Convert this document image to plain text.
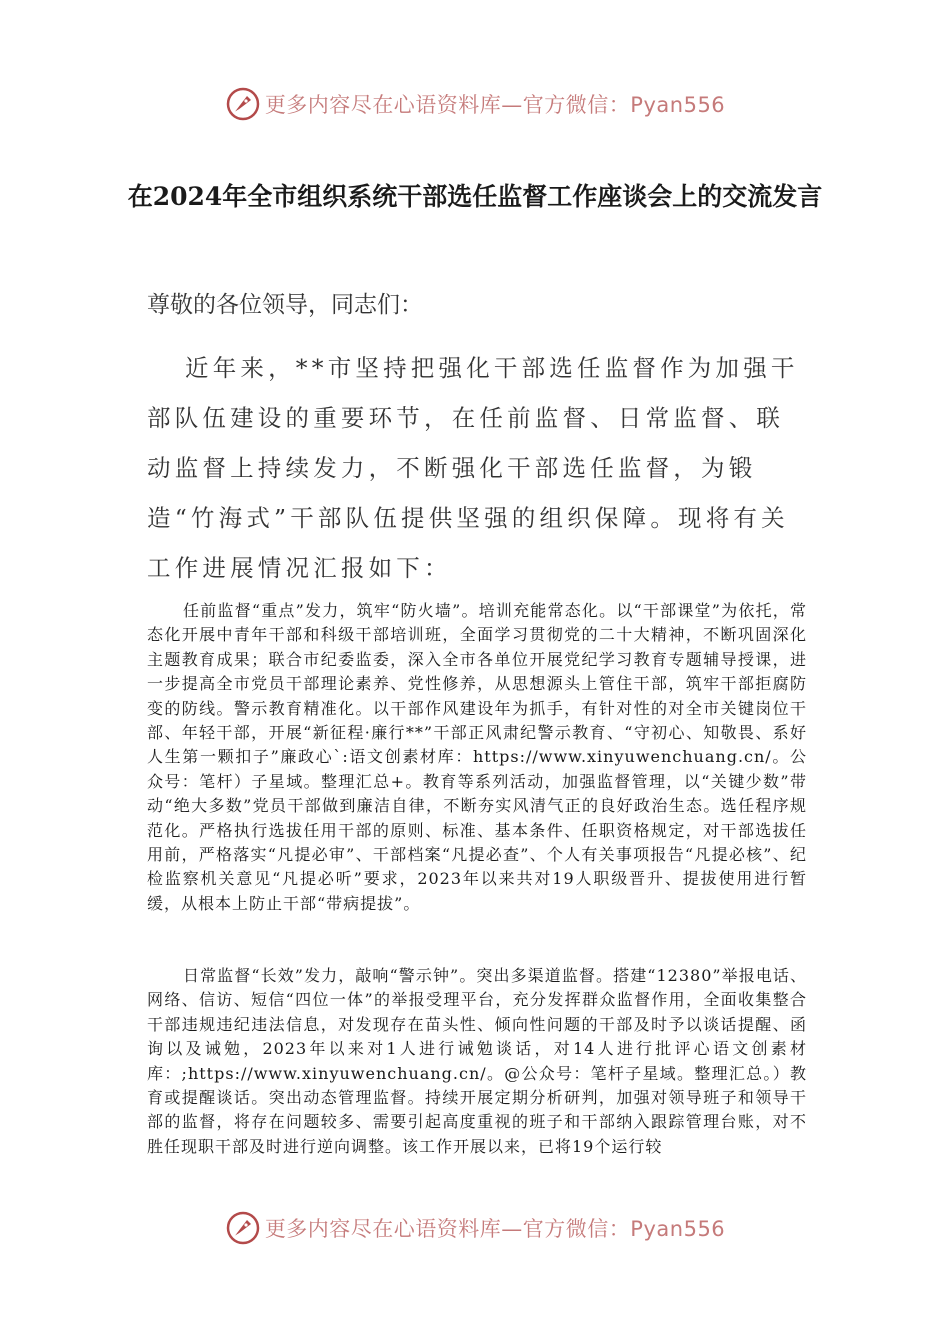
更多内容尽在心语资料库—官方微信：Pyan556
在2024年全市组织系统干部选任监督工作座谈会上的交流发言
尊敬的各位领导，同志们：

近年来，**市坚持把强化干部选任监督作为加强干部队伍建设的重要环节，在任前监督、日常监督、联动监督上持续发力，不断强化干部选任监督，为锻造“竹海式”干部队伍提供坚强的组织保障。现将有关工作进展情况汇报如下：

任前监督“重点”发力，筑牢“防火墙”。培训充能常态化。以“干部课堂”为依托，常态化开展中青年干部和科级干部培训班，全面学习贯彻党的二十大精神，不断巩固深化主题教育成果；联合市纪委监委，深入全市各单位开展党纪学习教育专题辅导授课，进一步提高全市党员干部理论素养、党性修养，从思想源头上管住干部，筑牢干部拒腐防变的防线。警示教育精准化。以干部作风建设年为抓手，有针对性的对全市关键岗位干部、年轻干部，开展“新征程·廉行**”干部正风肃纪警示教育、“守初心、知敬畏、系好人生第一颗扣子”廉政心`:语文创素材库：https://www.xinyuwenchuang.cn/。公众号：笔杆）子星域。整理汇总+。教育等系列活动，加强监督管理，以“关键少数”带动“绝大多数”党员干部做到廉洁自律，不断夯实风清气正的良好政治生态。选任程序规范化。严格执行选拔任用干部的原则、标准、基本条件、任职资格规定，对干部选拔任用前，严格落实“凡提必审”、干部档案“凡提必查”、个人有关事项报告“凡提必核”、纪检监察机关意见“凡提必听”要求，2023年以来共对19人职级晋升、提拔使用进行暂缓，从根本上防止干部“带病提拔”。

日常监督“长效”发力，敲响“警示钟”。突出多渠道监督。搭建“12380”举报电话、网络、信访、短信“四位一体”的举报受理平台，充分发挥群众监督作用，全面收集整合干部违规违纪违法信息，对发现存在苗头性、倾向性问题的干部及时予以谈话提醒、函询以及诫勉，2023年以来对1人进行诫勉谈话，对14人进行批评心语文创素材库：;https://www.xinyuwenchuang.cn/。@公众号：笔杆子星域。整理汇总。）教育或提醒谈话。突出动态管理监督。持续开展定期分析研判，加强对领导班子和领导干部的监督，将存在问题较多、需要引起高度重视的班子和干部纳入跟踪管理台账，对不胜任现职干部及时进行逆向调整。该工作开展以来，已将19个运行较

更多内容尽在心语资料库—官方微信：Pyan556
